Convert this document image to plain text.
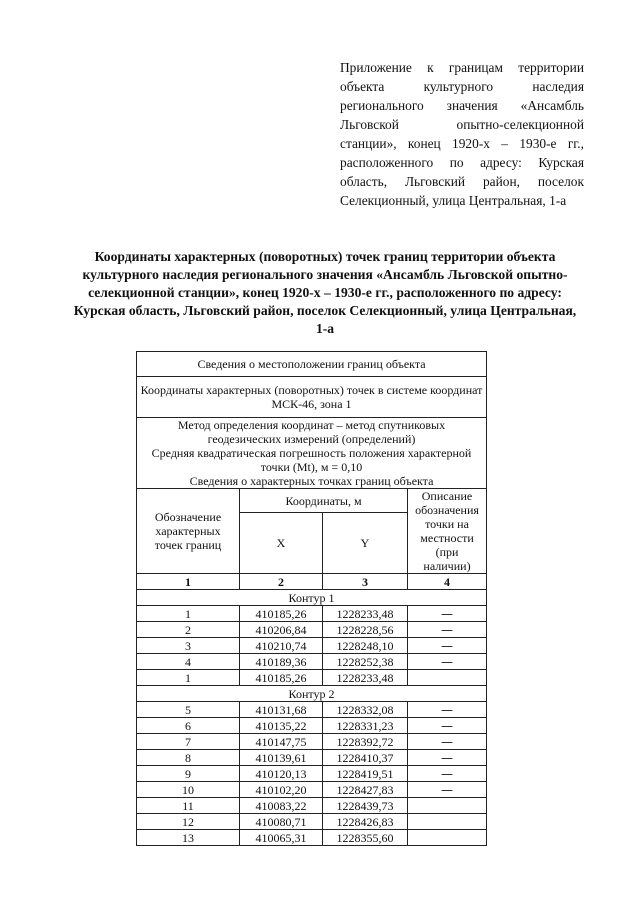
Приложение к границам территории объекта культурного наследия регионального значения «Ансамбль Льговской опытно-селекционной станции», конец 1920-х – 1930-е гг., расположенного по адресу: Курская область, Льговский район, поселок Селекционный, улица Центральная, 1-а
Координаты характерных (поворотных) точек границ территории объекта культурного наследия регионального значения «Ансамбль Льговской опытно-селекционной станции», конец 1920-х – 1930-е гг., расположенного по адресу: Курская область, Льговский район, поселок Селекционный, улица Центральная, 1-а
Сведения о местоположении границ объекта			
Координаты характерных (поворотных) точек в системе координат МСК-46, зона 1			

Метод определения координат – метод спутниковых геодезических измерений (определений)
Средняя квадратическая погрешность положения характерной точки (Mt), м = 0,10
Сведения о характерных точках границ объекта			

Обозначение характерных точек границ	Координаты, м		Описание обозначения точки на местности (при наличии)
	X	Y	
1	2	3	4
Контур 1			
1	410185,26	1228233,48	—
2	410206,84	1228228,56	—
3	410210,74	1228248,10	—
4	410189,36	1228252,38	—
1	410185,26	1228233,48	
Контур 2			
5	410131,68	1228332,08	—
6	410135,22	1228331,23	—
7	410147,75	1228392,72	—
8	410139,61	1228410,37	—
9	410120,13	1228419,51	—
10	410102,20	1228427,83	—
11	410083,22	1228439,73	
12	410080,71	1228426,83	
13	410065,31	1228355,60	
